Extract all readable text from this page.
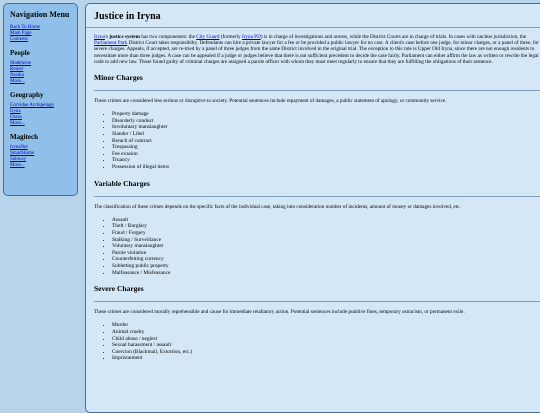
Navigation Menu
Back To Home
Main Page
Contents
People
Madeleine
Reiner
Nesika
More...
Geography
Corvidae Archipelago
Iryna
Oraxs
More...
Magitech
IrynaNet
SmartHome
Subway
More...
Justice in Iryna

Iryna's justice system has two componenets: the City Guard (formerly Iryna PD) is in charge of investigations and arrests, while the District Courts are in charge of trials. In cases with unclear jurisdiction, the Parliament Park District Court takes responsibilty. Defendants can hire a private lawyer for a fee or be provided a public lawyer for no cost. A client's case before one judge, for minor charges, or a panel of three, for severe charges. Appeals, if accepted, are re-tried by a panel of three judges from the same District involved in the original trial. The exception to this rule is Upper Old Iryna, since there are not enough residents to necessitate more than three judges. A case can be appealed if a judge or judges believe that there is not sufficient precedent to decide the case fairly. Parliament can either affirm the law as written or rewrite the legal code to add new law. Those found guilty of criminal charges are assigned a parole officer with whom they must meet regularly to ensure that they are fulfilling the obligations of their sentence.

Minor Charges

These crimes are considered less serious or disruptive to society. Potential sentences include repayment of damages, a public statement of apology, or community service.

• Property damage
• Disorderly conduct
• Involuntary manslaughter
• Slander / Libel
• Breach of contract
• Trespassing
• Fee evasion
• Truancy
• Possession of illegal items
Variable Charges

The classification of these crimes depends on the specific facts of the individual case, taking into consideration number of incidents, amount of money or damages involved, etc.

• Assault
• Theft / Burglary
• Fraud / Forgery
• Stalking / Surveillance
• Voluntary manslaughter
• Parole violation
• Counterfeiting currency
• Subletting public property
• Malfeasance / Misfeasance
Severe Charges

These crimes are considered morally reprehensible and cause for immediate retaliatory action. Potential sentences include punitive fines, temporary ostracism, or permanent exile.

• Murder
• Animal cruelty
• Child abuse / neglect
• Sexual harassment / assault
• Coercion (Blackmail, Extortion, etc.)
• Imprisonment
